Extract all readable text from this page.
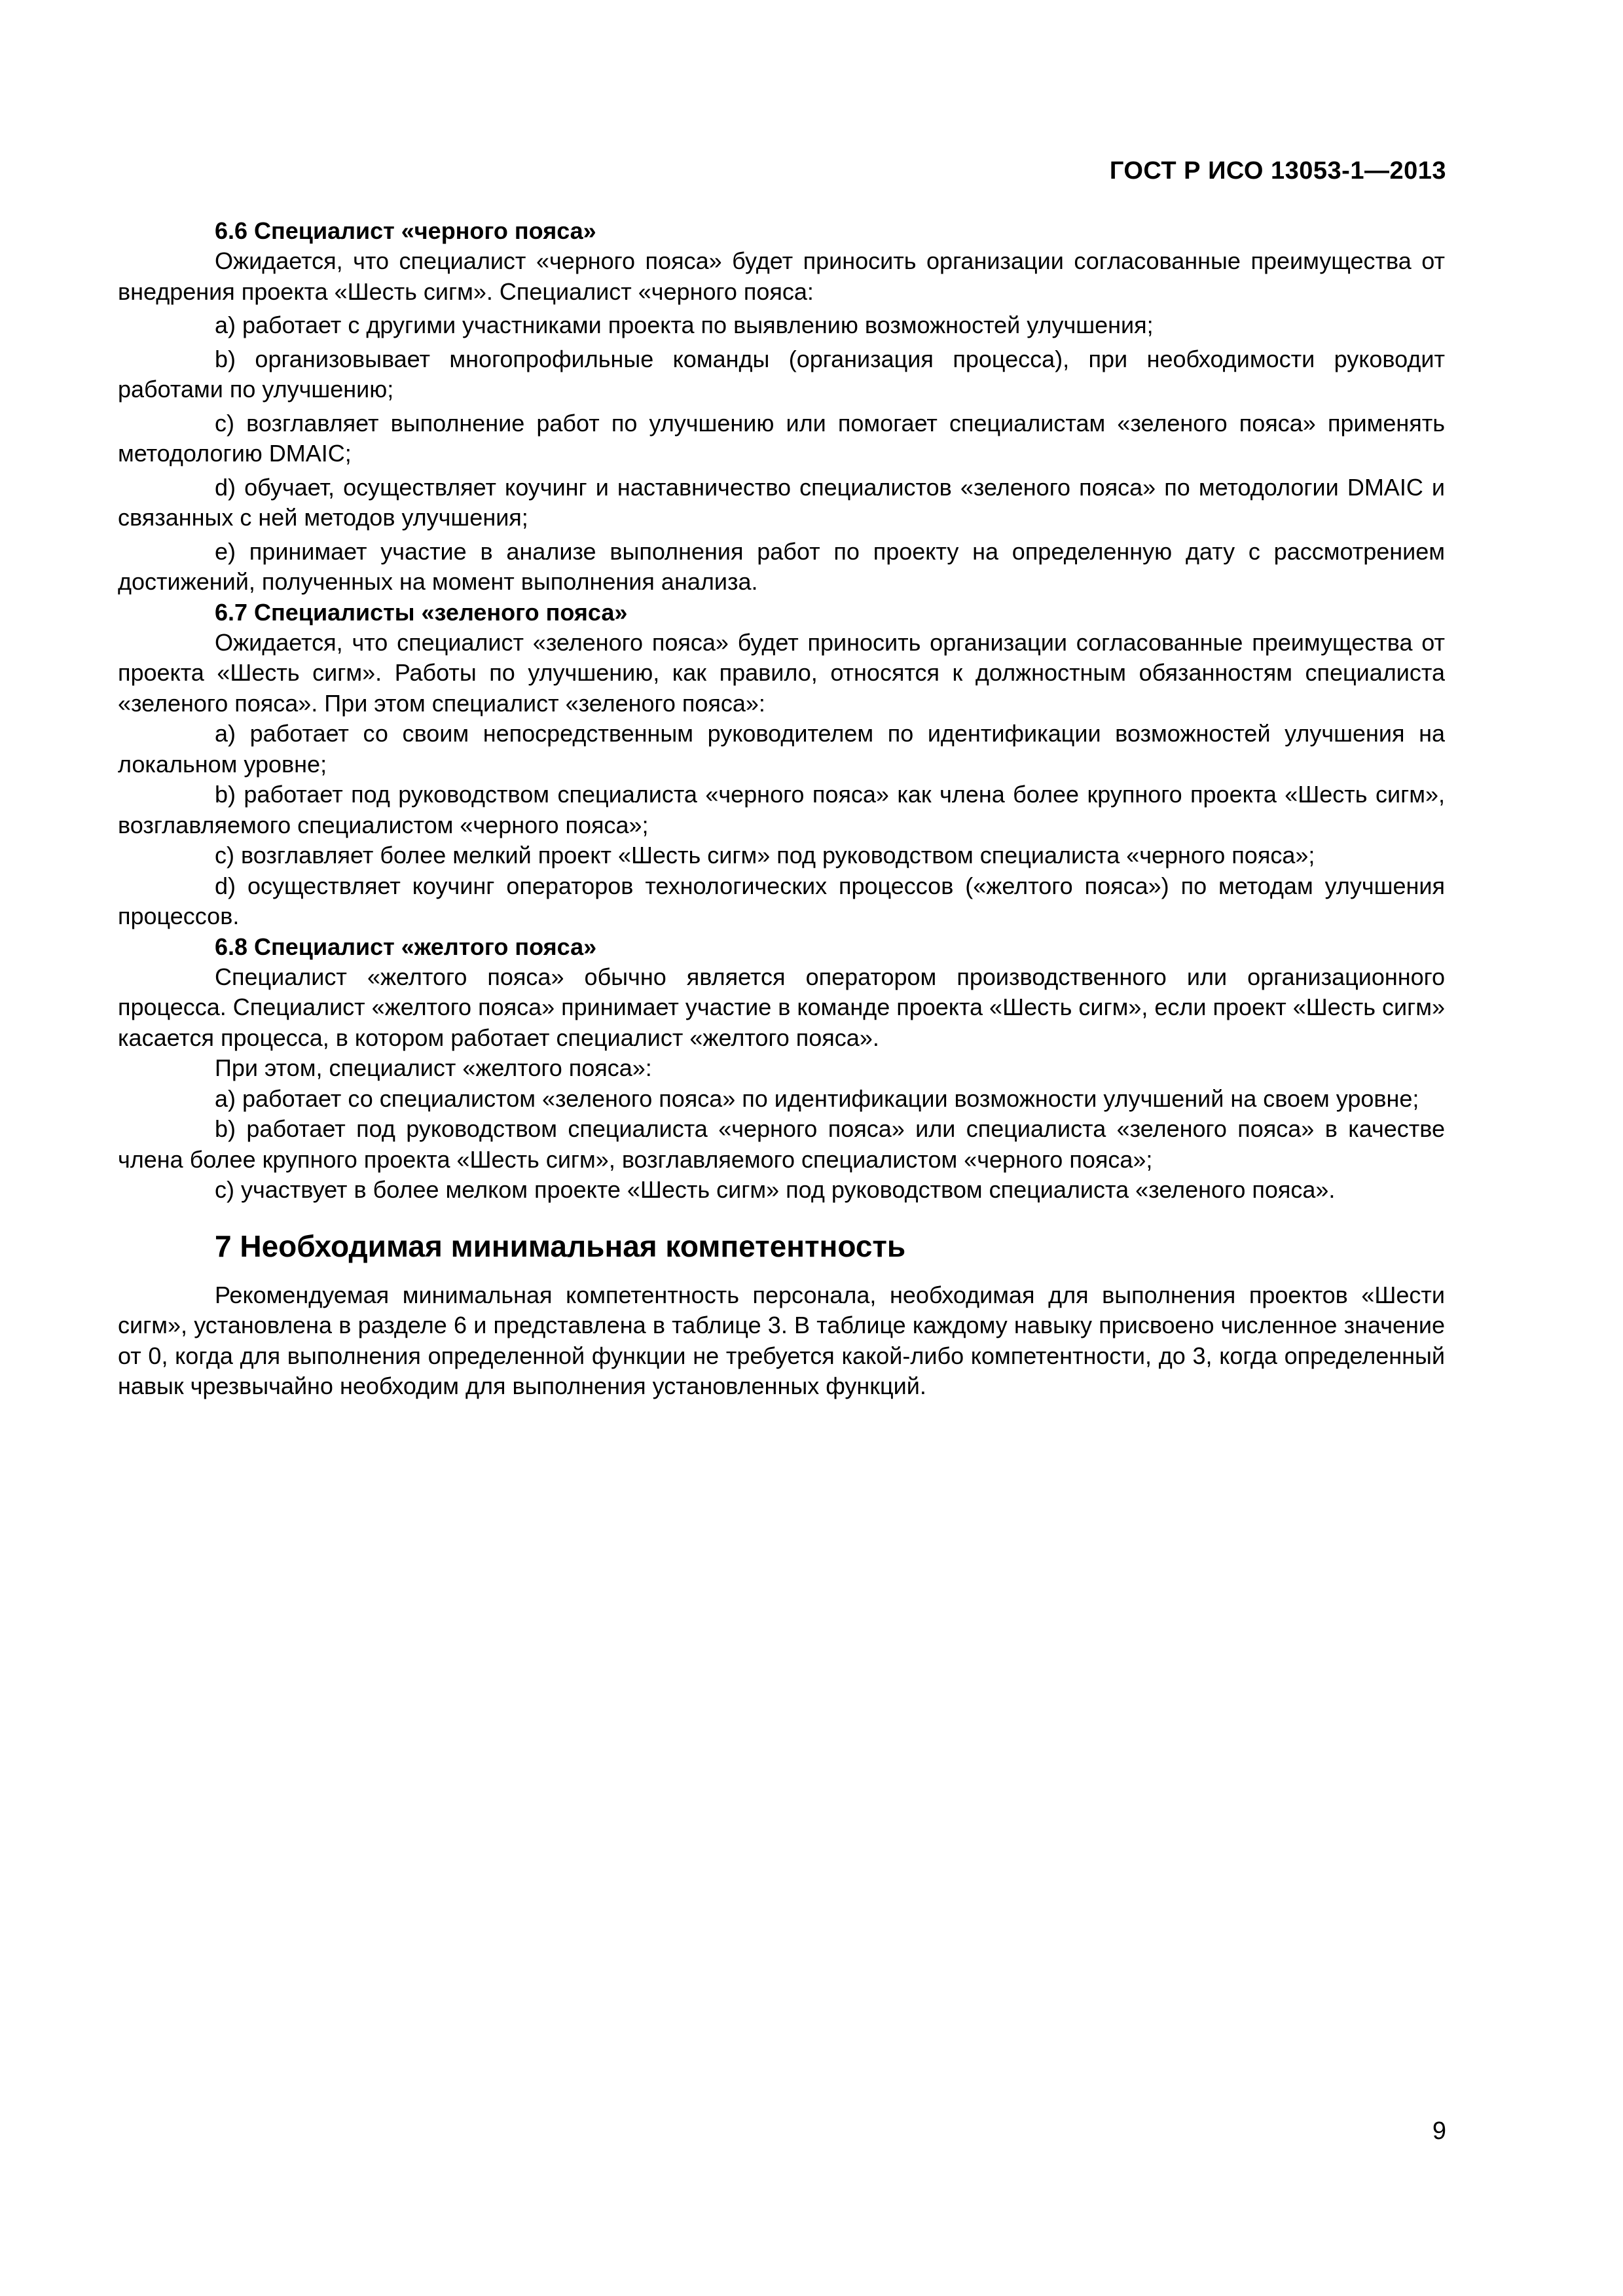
ГОСТ Р ИСО 13053-1—2013

6.6 Специалист «черного пояса»

Ожидается, что специалист «черного пояса» будет приносить организации согласованные преимущества от внедрения проекта «Шесть сигм». Специалист «черного пояса:

a) работает с другими участниками проекта по выявлению возможностей улучшения;

b) организовывает многопрофильные команды (организация процесса), при необходимости руководит работами по улучшению;

c) возглавляет выполнение работ по улучшению или помогает специалистам «зеленого пояса» применять методологию DMAIC;

d) обучает, осуществляет коучинг и наставничество специалистов «зеленого пояса» по методологии DMAIC и связанных с ней методов улучшения;

e) принимает участие в анализе выполнения работ по проекту на определенную дату с рассмотрением достижений, полученных на момент выполнения анализа.

6.7 Специалисты «зеленого пояса»

Ожидается, что специалист «зеленого пояса» будет приносить организации согласованные преимущества от проекта «Шесть сигм». Работы по улучшению, как правило, относятся к должностным обязанностям специалиста «зеленого пояса». При этом специалист «зеленого пояса»:

a) работает со своим непосредственным руководителем по идентификации возможностей улучшения на локальном уровне;

b) работает под руководством специалиста «черного пояса» как члена более крупного проекта «Шесть сигм», возглавляемого специалистом «черного пояса»;

c) возглавляет более мелкий проект «Шесть сигм» под руководством специалиста «черного пояса»;

d) осуществляет коучинг операторов технологических процессов («желтого пояса») по методам улучшения процессов.

6.8 Специалист «желтого пояса»

Специалист «желтого пояса» обычно является оператором производственного или организационного процесса. Специалист «желтого пояса» принимает участие в команде проекта «Шесть сигм», если проект «Шесть сигм» касается процесса, в котором работает специалист «желтого пояса».

При этом, специалист «желтого пояса»:

a) работает со специалистом «зеленого пояса» по идентификации возможности улучшений на своем уровне;

b) работает под руководством специалиста «черного пояса» или специалиста «зеленого пояса» в качестве члена более крупного проекта «Шесть сигм», возглавляемого специалистом «черного пояса»;

c) участвует в более мелком проекте «Шесть сигм» под руководством специалиста «зеленого пояса».

7 Необходимая минимальная компетентность

Рекомендуемая минимальная компетентность персонала, необходимая для выполнения проектов «Шести сигм», установлена в разделе 6 и представлена в таблице 3. В таблице каждому навыку присвоено численное значение от 0, когда для выполнения определенной функции не требуется какой-либо компетентности, до 3, когда определенный навык чрезвычайно необходим для выполнения установленных функций.

9
